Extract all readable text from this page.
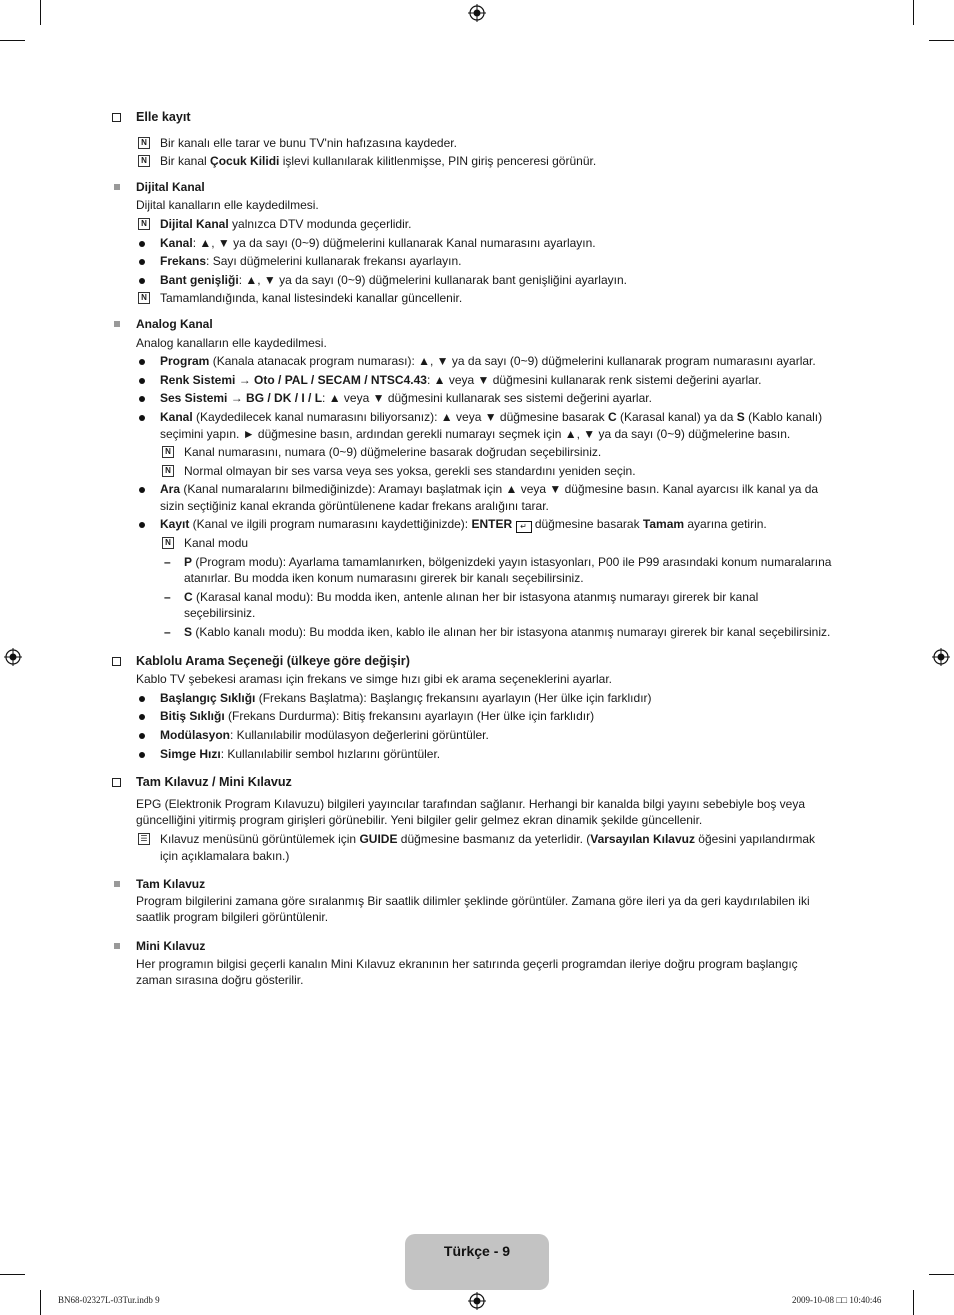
Elle kayıt
N Bir kanalı elle tarar ve bunu TV'nin hafızasına kaydeder.
N Bir kanal Çocuk Kilidi işlevi kullanılarak kilitlenmişse, PIN giriş penceresi görünür.
Dijital Kanal
Dijital kanalların elle kaydedilmesi.
N Dijital Kanal yalnızca DTV modunda geçerlidir.
Kanal: ▲, ▼ ya da sayı (0~9) düğmelerini kullanarak Kanal numarasını ayarlayın.
Frekans: Sayı düğmelerini kullanarak frekansı ayarlayın.
Bant genişliği: ▲, ▼ ya da sayı (0~9) düğmelerini kullanarak bant genişliğini ayarlayın.
N Tamamlandığında, kanal listesindeki kanallar güncellenir.
Analog Kanal
Analog kanalların elle kaydedilmesi.
Program (Kanala atanacak program numarası): ▲, ▼ ya da sayı (0~9) düğmelerini kullanarak program numarasını ayarlar.
Renk Sistemi → Oto / PAL / SECAM / NTSC4.43: ▲ veya ▼ düğmesini kullanarak renk sistemi değerini ayarlar.
Ses Sistemi → BG / DK / I / L: ▲ veya ▼ düğmesini kullanarak ses sistemi değerini ayarlar.
Kanal (Kaydedilecek kanal numarasını biliyorsanız): ▲ veya ▼ düğmesine basarak C (Karasal kanal) ya da S (Kablo kanalı)
seçimini yapın. ► düğmesine basın, ardından gerekli numarayı seçmek için ▲, ▼ ya da sayı (0~9) düğmelerine basın.
N Kanal numarasını, numara (0~9) düğmelerine basarak doğrudan seçebilirsiniz.
N Normal olmayan bir ses varsa veya ses yoksa, gerekli ses standardını yeniden seçin.
Ara (Kanal numaralarını bilmediğinizde): Aramayı başlatmak için ▲ veya ▼ düğmesine basın. Kanal ayarcısı ilk kanal ya da
sizin seçtiğiniz kanal ekranda görüntülenene kadar frekans aralığını tarar.
Kayıt (Kanal ve ilgili program numarasını kaydettiğinizde): ENTER ↵ düğmesine basarak Tamam ayarına getirin.
N Kanal modu
– P (Program modu): Ayarlama tamamlanırken, bölgenizdeki yayın istasyonları, P00 ile P99 arasındaki konum numaralarına
atanırlar. Bu modda iken konum numarasını girerek bir kanalı seçebilirsiniz.
– C (Karasal kanal modu): Bu modda iken, antenle alınan her bir istasyona atanmış numarayı girerek bir kanal
seçebilirsiniz.
– S (Kablo kanalı modu): Bu modda iken, kablo ile alınan her bir istasyona atanmış numarayı girerek bir kanal seçebilirsiniz.
Kablolu Arama Seçeneği (ülkeye göre değişir)
Kablo TV şebekesi araması için frekans ve simge hızı gibi ek arama seçeneklerini ayarlar.
Başlangıç Sıklığı (Frekans Başlatma): Başlangıç frekansını ayarlayın (Her ülke için farklıdır)
Bitiş Sıklığı (Frekans Durdurma): Bitiş frekansını ayarlayın (Her ülke için farklıdır)
Modülasyon: Kullanılabilir modülasyon değerlerini görüntüler.
Simge Hızı: Kullanılabilir sembol hızlarını görüntüler.
Tam Kılavuz / Mini Kılavuz
EPG (Elektronik Program Kılavuzu) bilgileri yayıncılar tarafından sağlanır. Herhangi bir kanalda bilgi yayını sebebiyle boş veya
güncelliğini yitirmiş program girişleri görünebilir. Yeni bilgiler gelir gelmez ekran dinamik şekilde güncellenir.
☰ Kılavuz menüsünü görüntülemek için GUIDE düğmesine basmanız da yeterlidir. (Varsayılan Kılavuz öğesini yapılandırmak
için açıklamalara bakın.)
Tam Kılavuz
Program bilgilerini zamana göre sıralanmış Bir saatlik dilimler şeklinde görüntüler. Zamana göre ileri ya da geri kaydırılabilen iki
saatlik program bilgileri görüntülenir.
Mini Kılavuz
Her programın bilgisi geçerli kanalın Mini Kılavuz ekranının her satırında geçerli programdan ileriye doğru program başlangıç
zaman sırasına doğru gösterilir.
Türkçe - 9
BN68-02327L-03Tur.indb 9	2009-10-08 □□ 10:40:46
